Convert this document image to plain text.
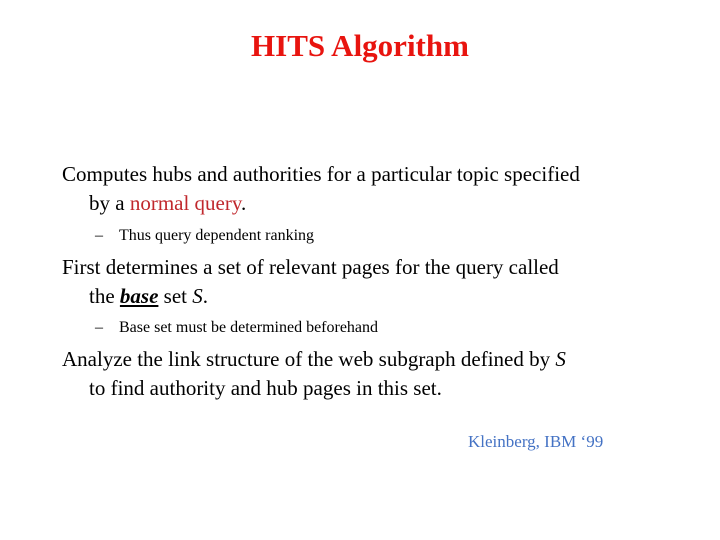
HITS Algorithm
Computes hubs and authorities for a particular topic specified
by a normal query.
– Thus query dependent ranking
First determines a set of relevant pages for the query called
the base set S.
– Base set must be determined beforehand
Analyze the link structure of the web subgraph defined by S
to find authority and hub pages in this set.
Kleinberg, IBM ‘99
